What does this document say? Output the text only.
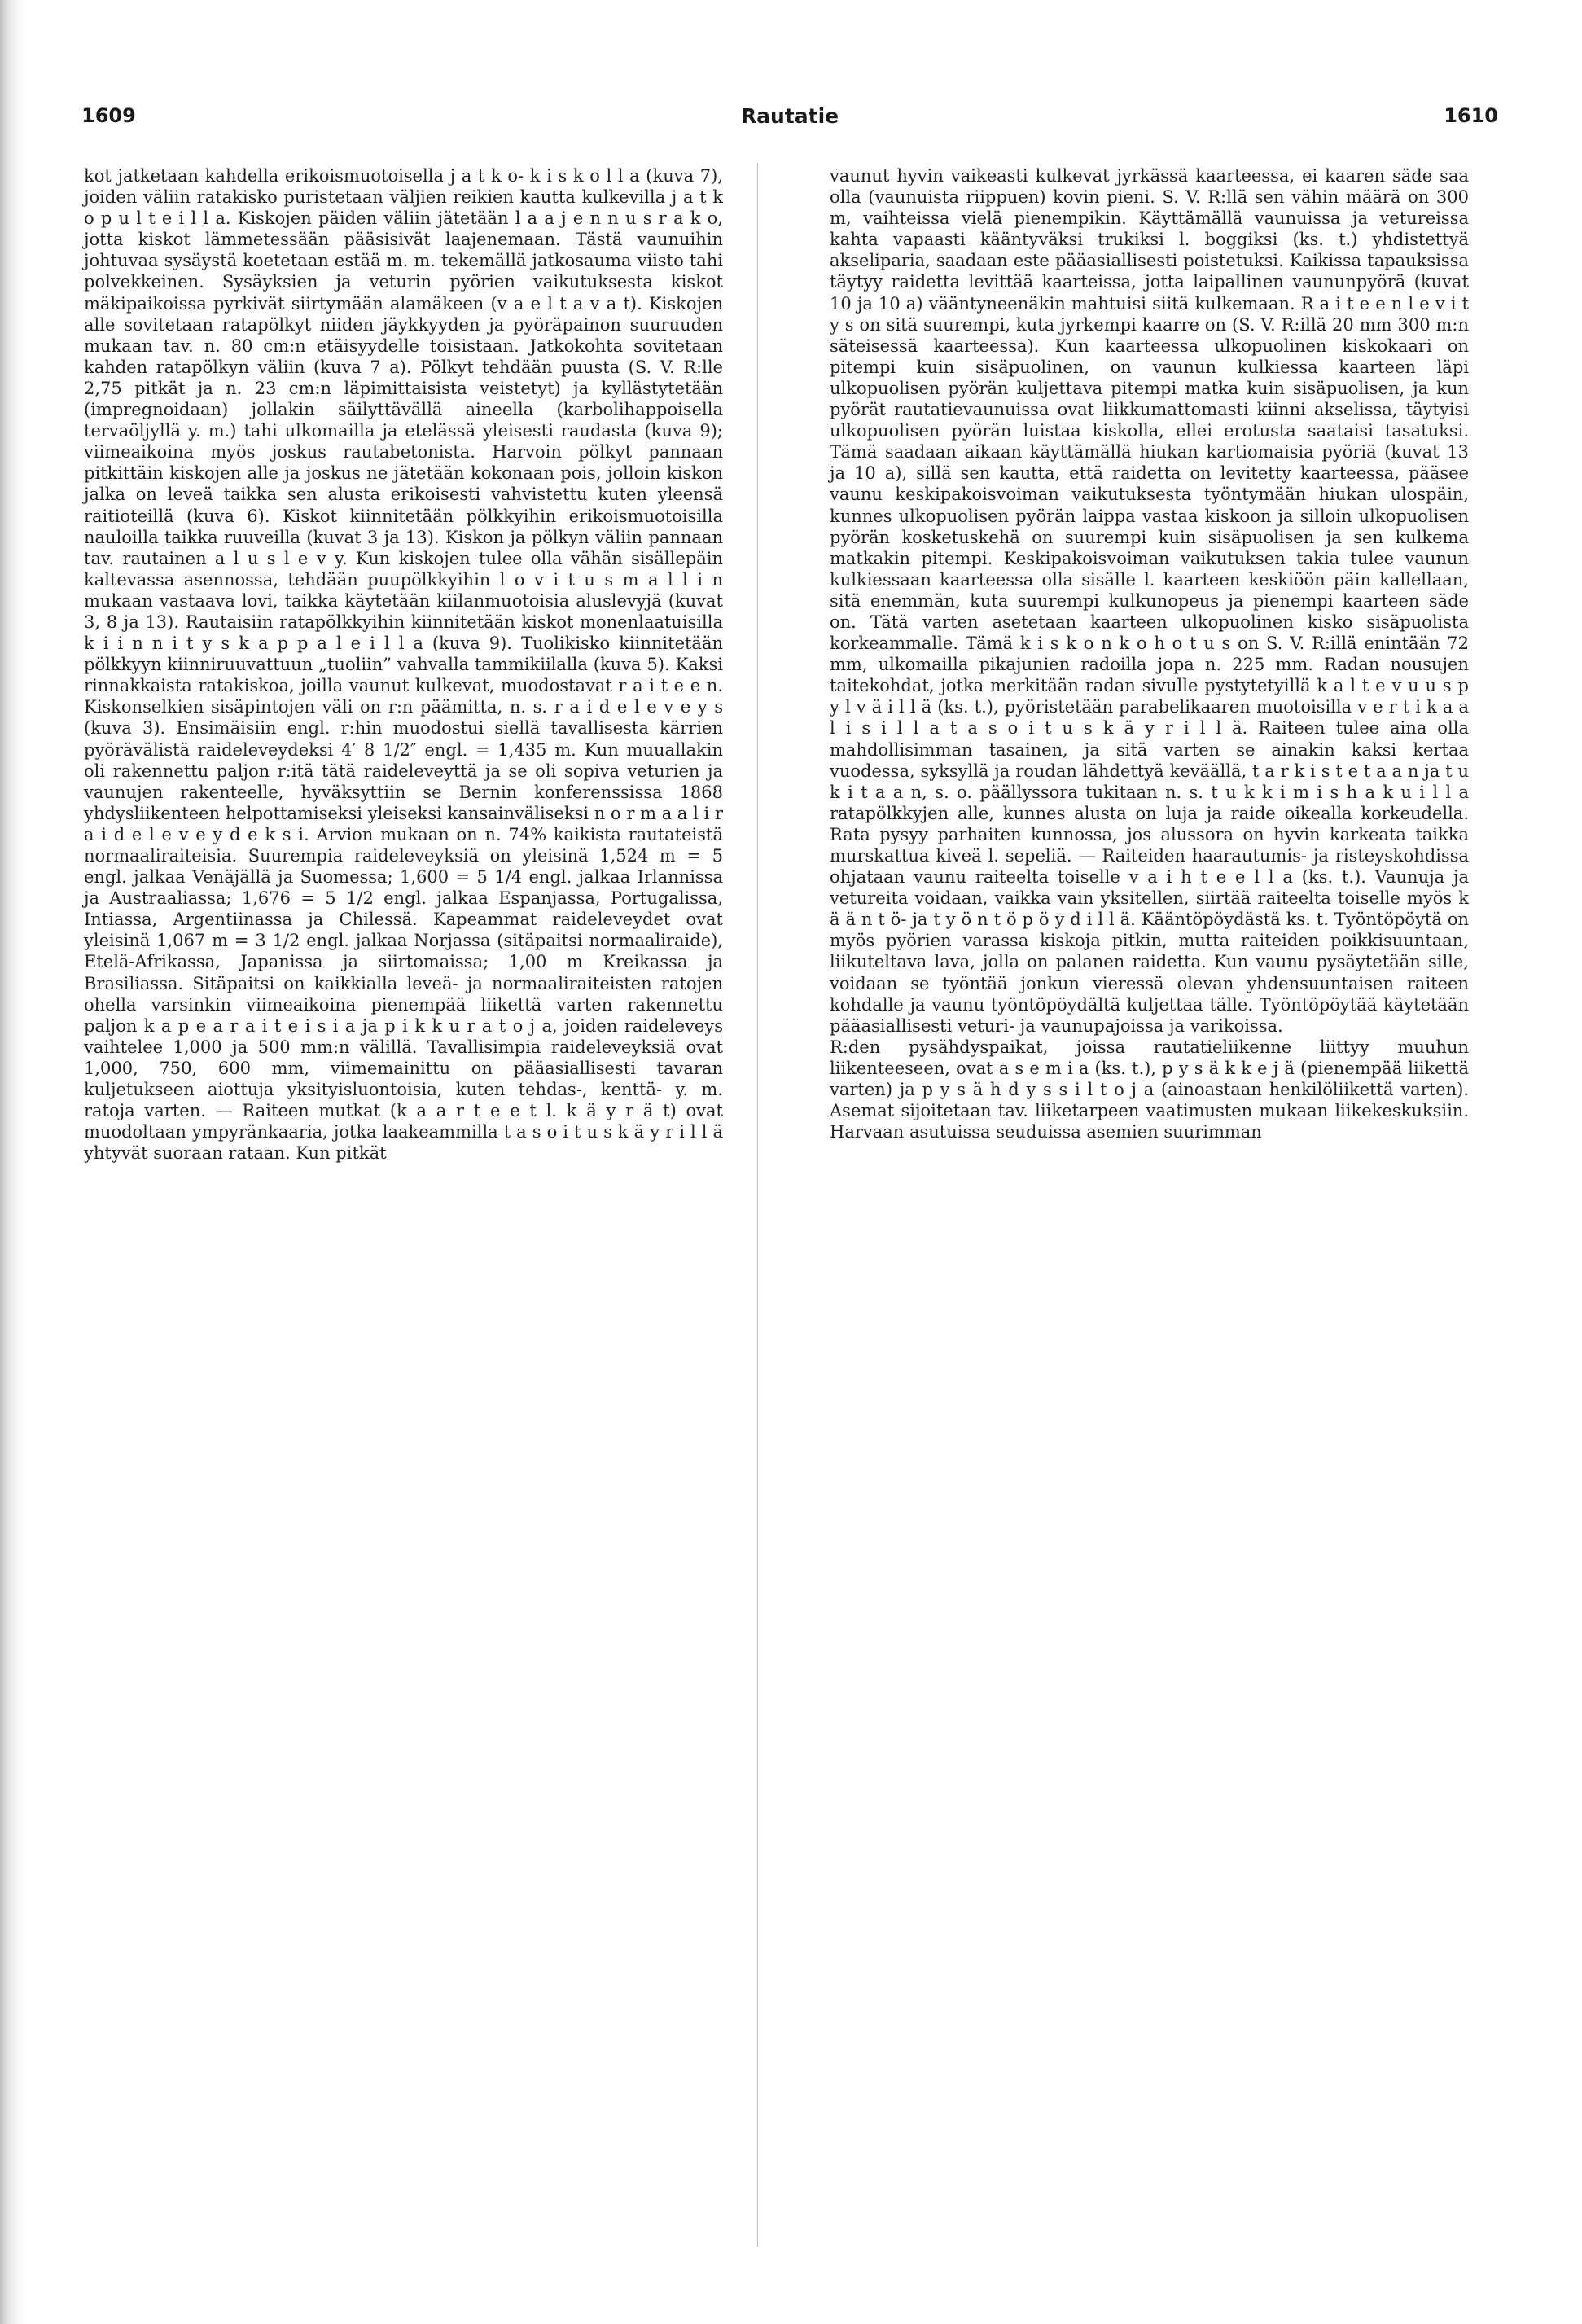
1609	Rautatie	1610

kot jatketaan kahdella erikoismuotoisella j a t k o- k i s k o l l a (kuva 7), joiden väliin ratakisko puristetaan väljien reikien kautta kulkevilla j a t k o p u l t e i l l a. Kiskojen päiden väliin jätetään l a a j e n n u s r a k o, jotta kiskot lämmetessään pääsisivät laajenemaan. Tästä vaunuihin johtuvaa sysäystä koetetaan estää m. m. tekemällä jatkosauma viisto tahi polvekkeinen. Sysäyksien ja veturin pyörien vaikutuksesta kiskot mäkipaikoissa pyrkivät siirtymään alamäkeen (v a e l t a v a t). Kiskojen alle sovitetaan ratapölkyt niiden jäykkyyden ja pyöräpainon suuruuden mukaan tav. n. 80 cm:n etäisyydelle toisistaan. Jatkokohta sovitetaan kahden ratapölkyn väliin (kuva 7 a). Pölkyt tehdään puusta (S. V. R:lle 2,75 pitkät ja n. 23 cm:n läpimittaisista veistetyt) ja kyllästytetään (impregnoidaan) jollakin säilyttävällä aineella (karbolihappoisella tervaöljyllä y. m.) tahi ulkomailla ja etelässä yleisesti raudasta (kuva 9); viimeaikoina myös joskus rautabetonista. Harvoin pölkyt pannaan pitkittäin kiskojen alle ja joskus ne jätetään kokonaan pois, jolloin kiskon jalka on leveä taikka sen alusta erikoisesti vahvistettu kuten yleensä raitioteillä (kuva 6). Kiskot kiinnitetään pölkkyihin erikoismuotoisilla nauloilla taikka ruuveilla (kuvat 3 ja 13). Kiskon ja pölkyn väliin pannaan tav. rautainen a l u s l e v y. Kun kiskojen tulee olla vähän sisällepäin kaltevassa asennossa, tehdään puupölkkyihin l o v i t u s m a l l i n mukaan vastaava lovi, taikka käytetään kiilanmuotoisia aluslevyjä (kuvat 3, 8 ja 13). Rautaisiin ratapölkkyihin kiinnitetään kiskot monenlaatuisilla k i i n n i t y s k a p p a l e i l l a (kuva 9). Tuolikisko kiinnitetään pölkkyyn kiinniruuvattuun „tuoliin” vahvalla tammikiilalla (kuva 5). Kaksi rinnakkaista ratakiskoa, joilla vaunut kulkevat, muodostavat r a i t e e n. Kiskonselkien sisäpintojen väli on r:n päämitta, n. s. r a i d e l e v e y s (kuva 3). Ensimäisiin engl. r:hin muodostui siellä tavallisesta kärrien pyörävälistä raideleveydeksi 4′ 8 1/2″ engl. = 1,435 m. Kun muuallakin oli rakennettu paljon r:itä tätä raideleveyttä ja se oli sopiva veturien ja vaunujen rakenteelle, hyväksyttiin se Bernin konferenssissa 1868 yhdysliikenteen helpottamiseksi yleiseksi kansainväliseksi n o r m a a l i r a i d e l e v e y d e k s i. Arvion mukaan on n. 74% kaikista rautateistä normaaliraiteisia. Suurempia raideleveyksiä on yleisinä 1,524 m = 5 engl. jalkaa Venäjällä ja Suomessa; 1,600 = 5 1/4 engl. jalkaa Irlannissa ja Austraaliassa; 1,676 = 5 1/2 engl. jalkaa Espanjassa, Portugalissa, Intiassa, Argentiinassa ja Chilessä. Kapeammat raideleveydet ovat yleisinä 1,067 m = 3 1/2 engl. jalkaa Norjassa (sitäpaitsi normaaliraide), Etelä-Afrikassa, Japanissa ja siirtomaissa; 1,00 m Kreikassa ja Brasiliassa. Sitäpaitsi on kaikkialla leveä- ja normaaliraiteisten ratojen ohella varsinkin viimeaikoina pienempää liikettä varten rakennettu paljon k a p e a r a i t e i s i a ja p i k k u r a t o j a, joiden raideleveys vaihtelee 1,000 ja 500 mm:n välillä. Tavallisimpia raideleveyksiä ovat 1,000, 750, 600 mm, viimemainittu on pääasiallisesti tavaran kuljetukseen aiottuja yksityisluontoisia, kuten tehdas-, kenttä- y. m. ratoja varten. — Raiteen mutkat (k a a r t e e t l. k ä y r ä t) ovat muodoltaan ympyränkaaria, jotka laakeammilla t a s o i t u s k ä y r i l l ä yhtyvät suoraan rataan. Kun pitkät

vaunut hyvin vaikeasti kulkevat jyrkässä kaarteessa, ei kaaren säde saa olla (vaunuista riippuen) kovin pieni. S. V. R:llä sen vähin määrä on 300 m, vaihteissa vielä pienempikin. Käyttämällä vaunuissa ja vetureissa kahta vapaasti kääntyväksi trukiksi l. boggiksi (ks. t.) yhdistettyä akseliparia, saadaan este pääasiallisesti poistetuksi. Kaikissa tapauksissa täytyy raidetta levittää kaarteissa, jotta laipallinen vaununpyörä (kuvat 10 ja 10 a) vääntyneenäkin mahtuisi siitä kulkemaan. R a i t e e n l e v i t y s on sitä suurempi, kuta jyrkempi kaarre on (S. V. R:illä 20 mm 300 m:n säteisessä kaarteessa). Kun kaarteessa ulkopuolinen kiskokaari on pitempi kuin sisäpuolinen, on vaunun kulkiessa kaarteen läpi ulkopuolisen pyörän kuljettava pitempi matka kuin sisäpuolisen, ja kun pyörät rautatievaunuissa ovat liikkumattomasti kiinni akselissa, täytyisi ulkopuolisen pyörän luistaa kiskolla, ellei erotusta saataisi tasatuksi. Tämä saadaan aikaan käyttämällä hiukan kartiomaisia pyöriä (kuvat 13 ja 10 a), sillä sen kautta, että raidetta on levitetty kaarteessa, pääsee vaunu keskipakoisvoiman vaikutuksesta työntymään hiukan ulospäin, kunnes ulkopuolisen pyörän laippa vastaa kiskoon ja silloin ulkopuolisen pyörän kosketuskehä on suurempi kuin sisäpuolisen ja sen kulkema matkakin pitempi. Keskipakoisvoiman vaikutuksen takia tulee vaunun kulkiessaan kaarteessa olla sisälle l. kaarteen keskiöön päin kallellaan, sitä enemmän, kuta suurempi kulkunopeus ja pienempi kaarteen säde on. Tätä varten asetetaan kaarteen ulkopuolinen kisko sisäpuolista korkeammalle. Tämä k i s k o n k o h o t u s on S. V. R:illä enintään 72 mm, ulkomailla pikajunien radoilla jopa n. 225 mm. Radan nousujen taitekohdat, jotka merkitään radan sivulle pystytetyillä k a l t e v u u s p y l v ä i l l ä (ks. t.), pyöristetään parabelikaaren muotoisilla v e r t i k a a l i s i l l a t a s o i t u s k ä y r i l l ä. Raiteen tulee aina olla mahdollisimman tasainen, ja sitä varten se ainakin kaksi kertaa vuodessa, syksyllä ja roudan lähdettyä keväällä, t a r k i s t e t a a n ja t u k i t a a n, s. o. päällyssora tukitaan n. s. t u k k i m i s h a k u i l l a ratapölkkyjen alle, kunnes alusta on luja ja raide oikealla korkeudella. Rata pysyy parhaiten kunnossa, jos alussora on hyvin karkeata taikka murskattua kiveä l. sepeliä. — Raiteiden haarautumis- ja risteyskohdissa ohjataan vaunu raiteelta toiselle v a i h t e e l l a (ks. t.). Vaunuja ja vetureita voidaan, vaikka vain yksitellen, siirtää raiteelta toiselle myös k ä ä n t ö- ja t y ö n t ö p ö y d i l l ä. Kääntöpöydästä ks. t. Työntöpöytä on myös pyörien varassa kiskoja pitkin, mutta raiteiden poikkisuuntaan, liikuteltava lava, jolla on palanen raidetta. Kun vaunu pysäytetään sille, voidaan se työntää jonkun vieressä olevan yhdensuuntaisen raiteen kohdalle ja vaunu työntöpöydältä kuljettaa tälle. Työntöpöytää käytetään pääasiallisesti veturi- ja vaunupajoissa ja varikoissa.

R:den pysähdyspaikat, joissa rautatieliikenne liittyy muuhun liikenteeseen, ovat a s e m i a (ks. t.), p y s ä k k e j ä (pienempää liikettä varten) ja p y s ä h d y s s i l t o j a (ainoastaan henkilöliikettä varten). Asemat sijoitetaan tav. liiketarpeen vaatimusten mukaan liikekeskuksiin. Harvaan asutuissa seuduissa asemien suurimman
